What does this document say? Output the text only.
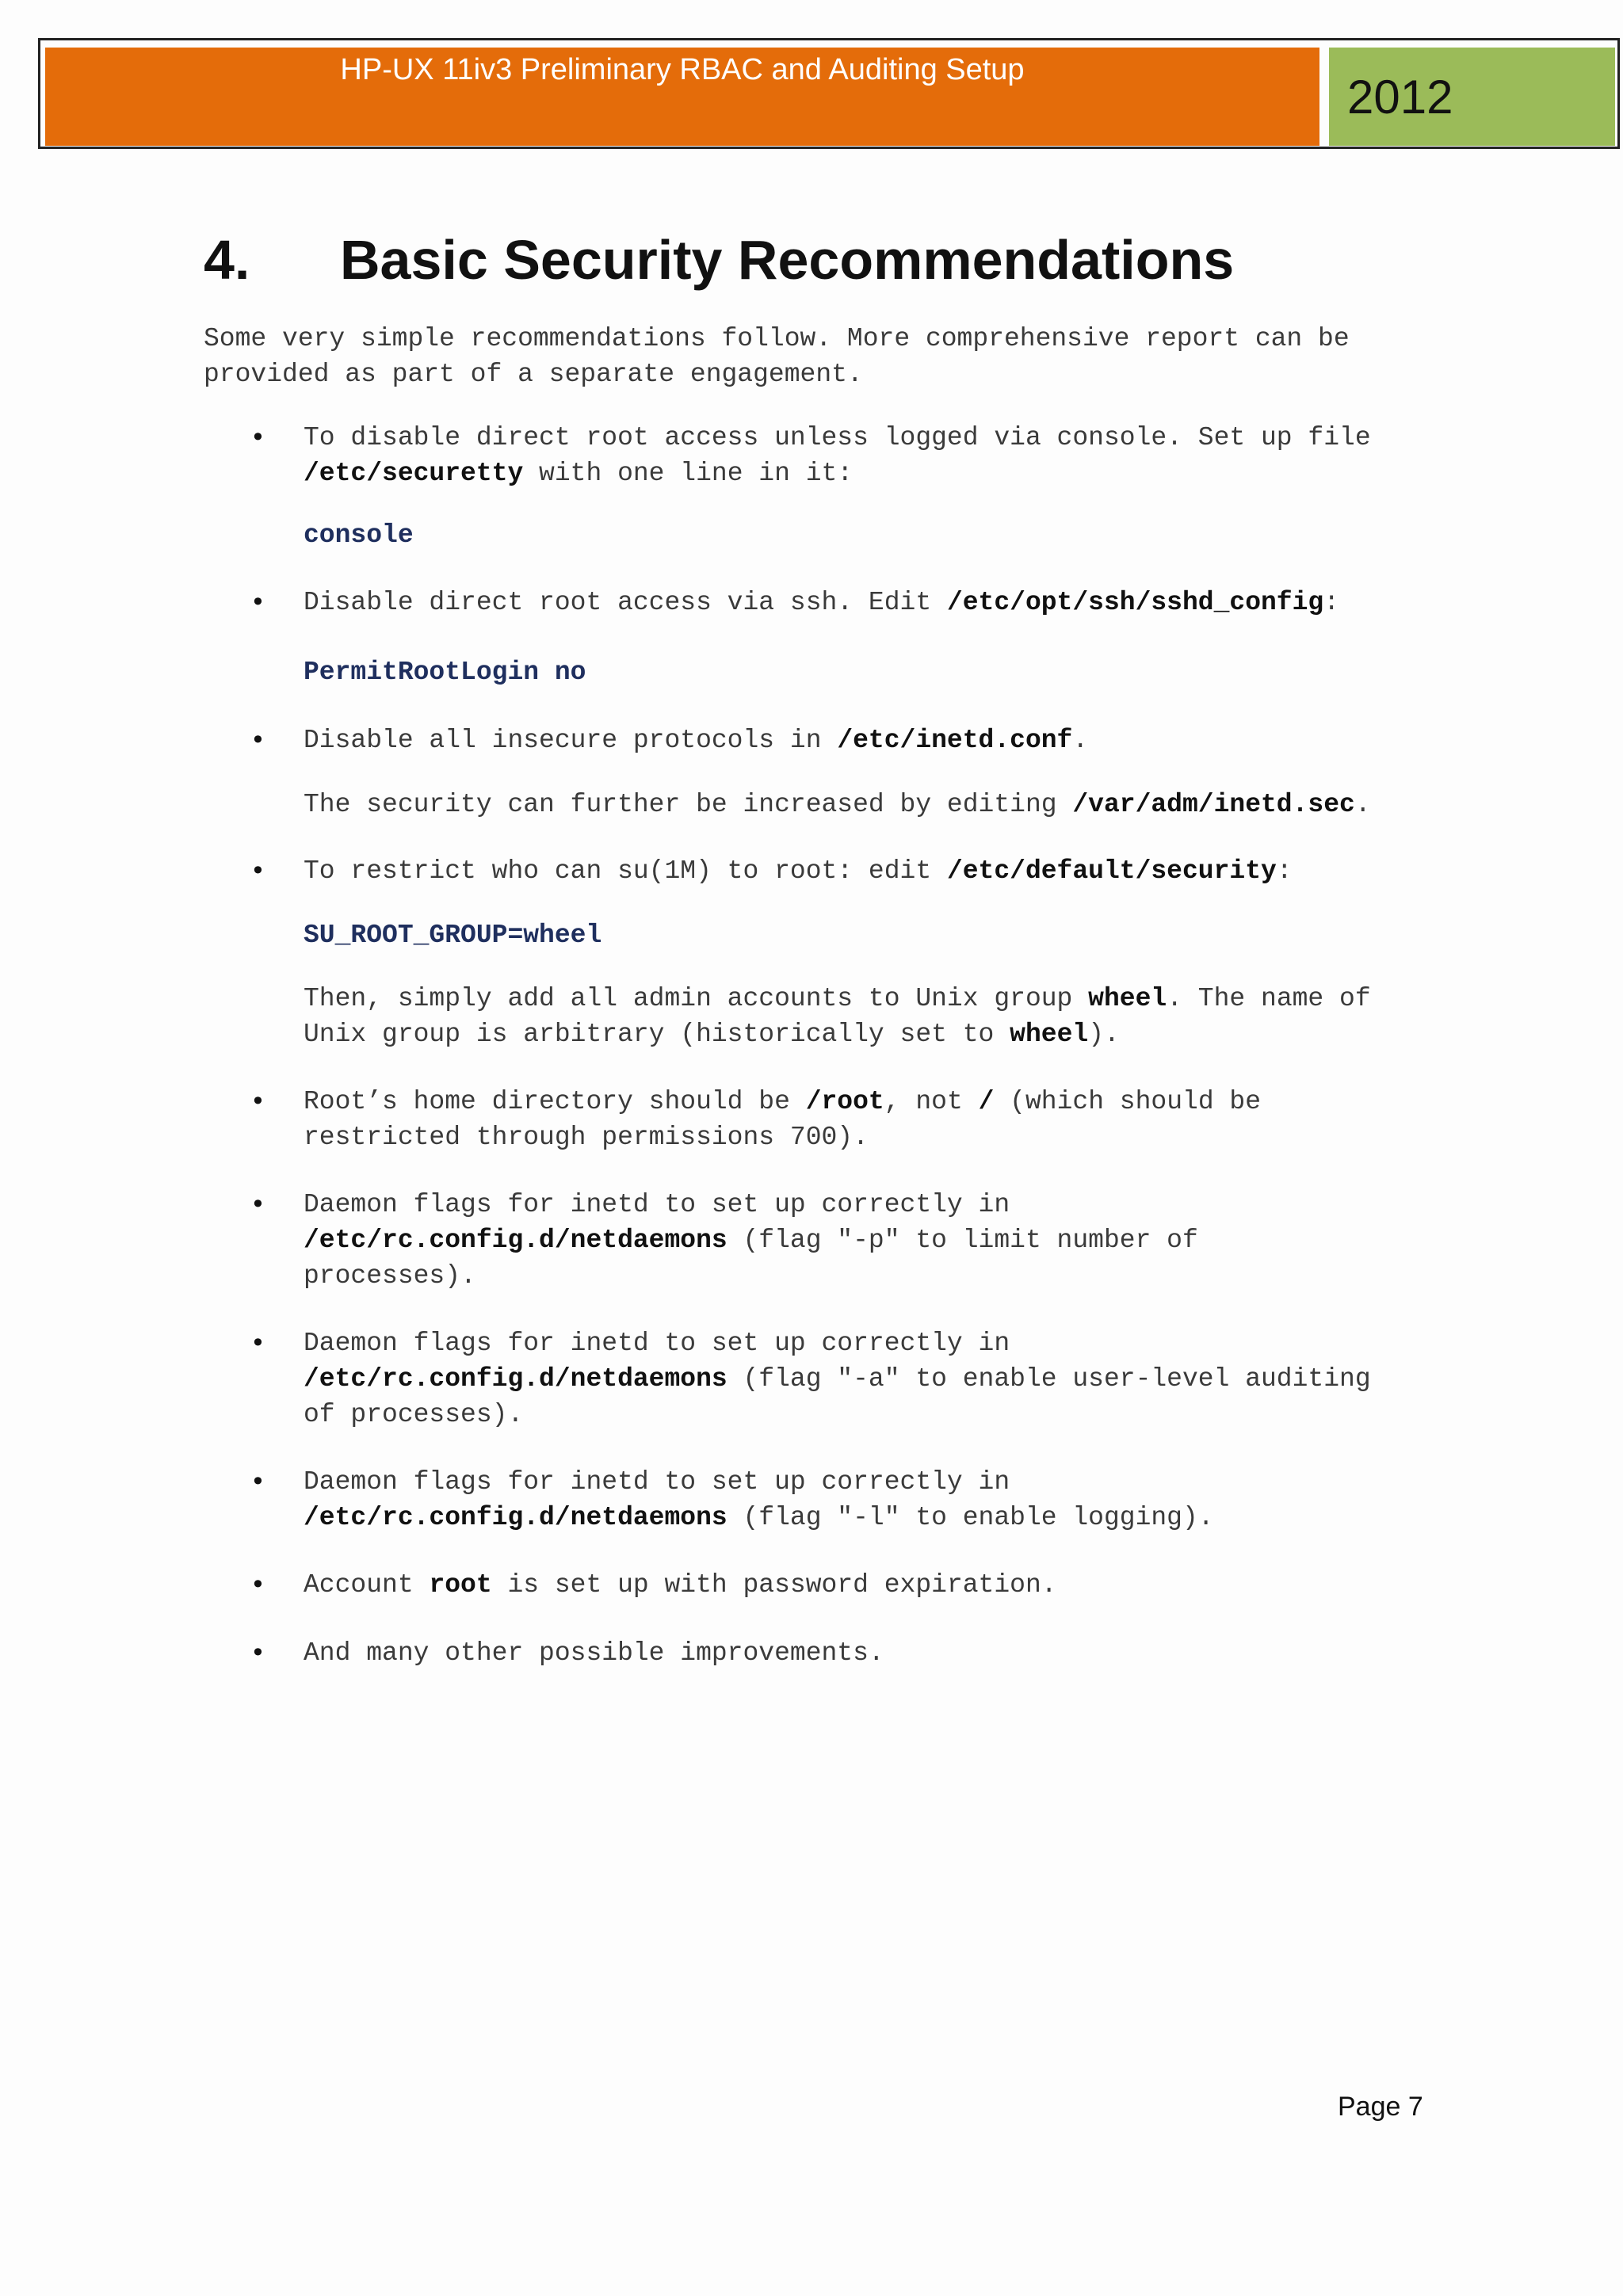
HP-UX 11iv3 Preliminary RBAC and Auditing Setup
2012
4. Basic Security Recommendations
Some very simple recommendations follow. More comprehensive report can be
provided as part of a separate engagement.
• To disable direct root access unless logged via console. Set up file
/etc/securetty with one line in it:
console
• Disable direct root access via ssh. Edit /etc/opt/ssh/sshd_config:
PermitRootLogin no
• Disable all insecure protocols in /etc/inetd.conf.
The security can further be increased by editing /var/adm/inetd.sec.
• To restrict who can su(1M) to root: edit /etc/default/security:
SU_ROOT_GROUP=wheel
Then, simply add all admin accounts to Unix group wheel. The name of
Unix group is arbitrary (historically set to wheel).
• Root’s home directory should be /root, not / (which should be
restricted through permissions 700).
• Daemon flags for inetd to set up correctly in
/etc/rc.config.d/netdaemons (flag "-p" to limit number of
processes).
• Daemon flags for inetd to set up correctly in
/etc/rc.config.d/netdaemons (flag "-a" to enable user-level auditing
of processes).
• Daemon flags for inetd to set up correctly in
/etc/rc.config.d/netdaemons (flag "-l" to enable logging).
• Account root is set up with password expiration.
• And many other possible improvements.
Page 7
